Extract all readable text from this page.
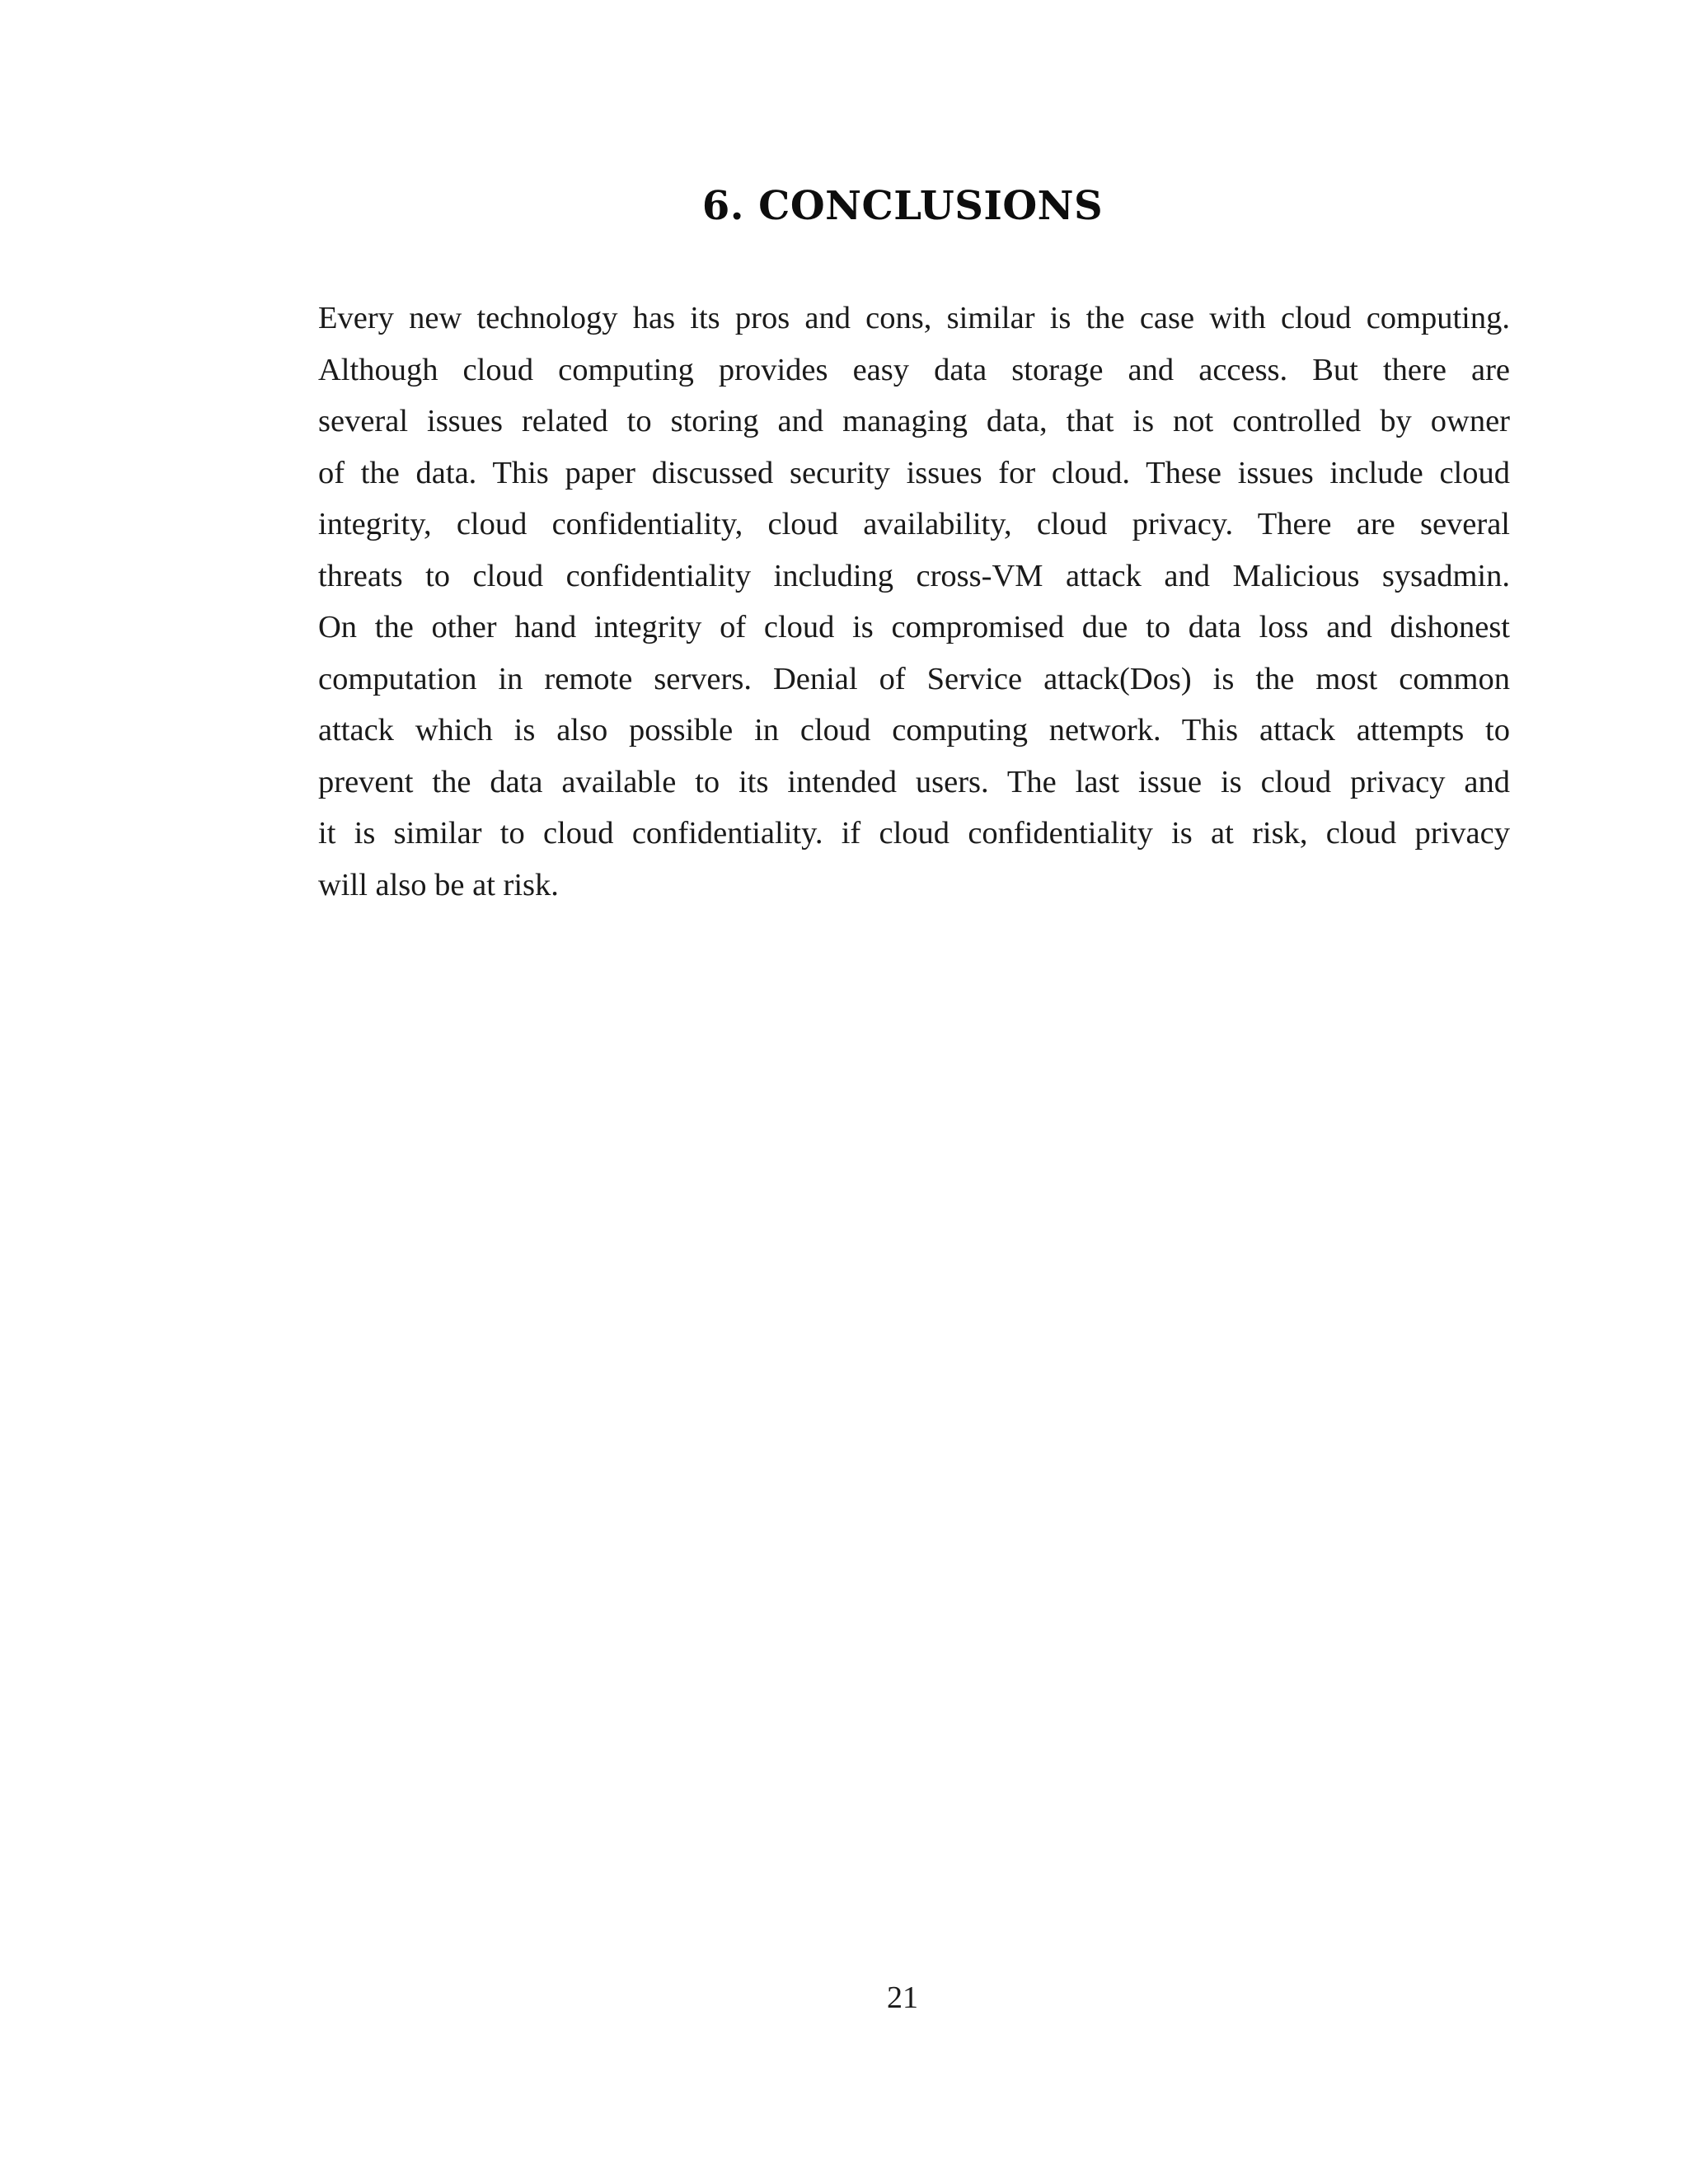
6. CONCLUSIONS
Every new technology has its pros and cons, similar is the case with cloud computing.
Although cloud computing provides easy data storage and access. But there are
several issues related to storing and managing data, that is not controlled by owner
of the data. This paper discussed security issues for cloud. These issues include cloud
integrity, cloud confidentiality, cloud availability, cloud privacy. There are several
threats to cloud confidentiality including cross-VM attack and Malicious sysadmin.
On the other hand integrity of cloud is compromised due to data loss and dishonest
computation in remote servers. Denial of Service attack(Dos) is the most common
attack which is also possible in cloud computing network. This attack attempts to
prevent the data available to its intended users. The last issue is cloud privacy and
it is similar to cloud confidentiality. if cloud confidentiality is at risk, cloud privacy
will also be at risk.
21
